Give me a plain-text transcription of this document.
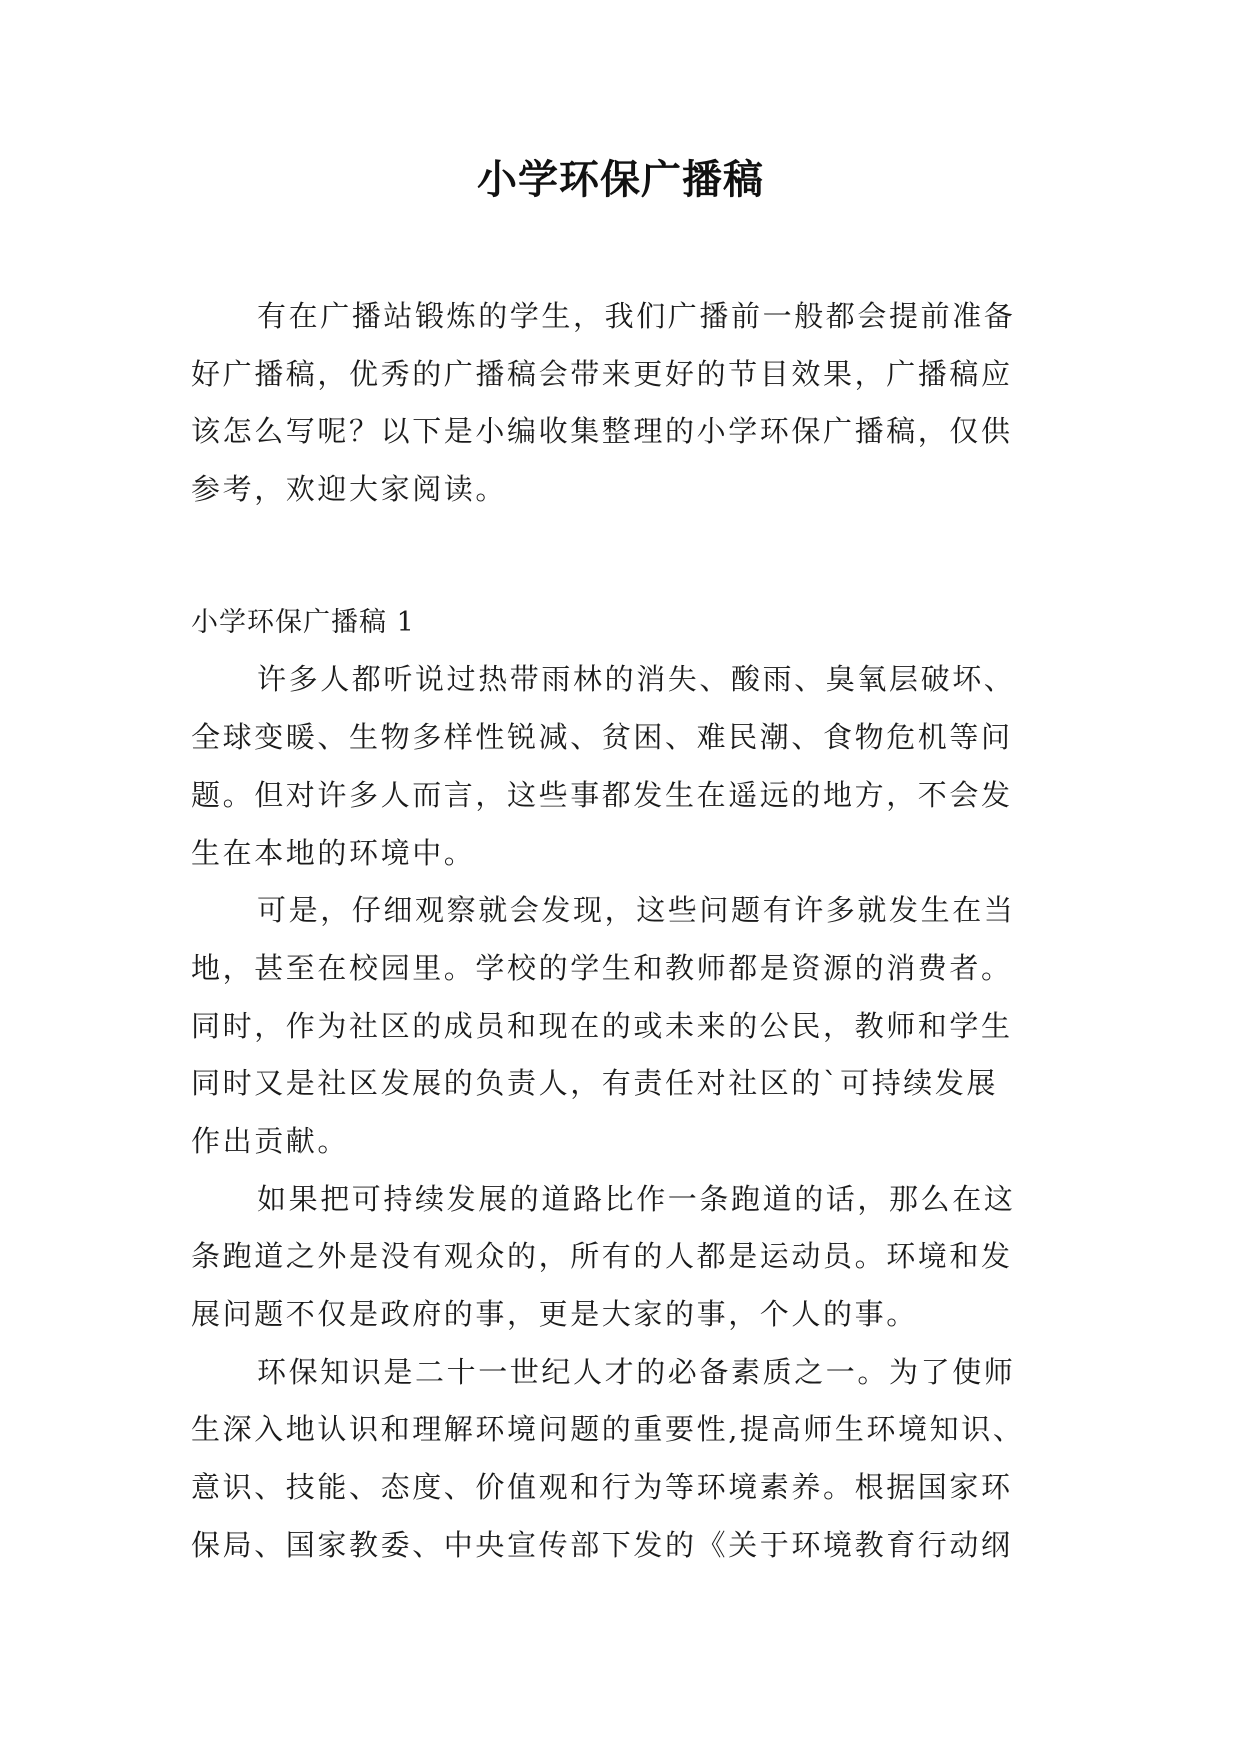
小学环保广播稿
有在广播站锻炼的学生，我们广播前一般都会提前准备
好广播稿，优秀的广播稿会带来更好的节目效果，广播稿应
该怎么写呢？以下是小编收集整理的小学环保广播稿，仅供
参考，欢迎大家阅读。
小学环保广播稿 1
许多人都听说过热带雨林的消失、酸雨、臭氧层破坏、
全球变暖、生物多样性锐减、贫困、难民潮、食物危机等问
题。但对许多人而言，这些事都发生在遥远的地方，不会发
生在本地的环境中。
可是，仔细观察就会发现，这些问题有许多就发生在当
地，甚至在校园里。学校的学生和教师都是资源的消费者。
同时，作为社区的成员和现在的或未来的公民，教师和学生
同时又是社区发展的负责人，有责任对社区的`可持续发展
作出贡献。
如果把可持续发展的道路比作一条跑道的话，那么在这
条跑道之外是没有观众的，所有的人都是运动员。环境和发
展问题不仅是政府的事，更是大家的事，个人的事。
环保知识是二十一世纪人才的必备素质之一。为了使师
生深入地认识和理解环境问题的重要性,提高师生环境知识、
意识、技能、态度、价值观和行为等环境素养。根据国家环
保局、国家教委、中央宣传部下发的《关于环境教育行动纲
